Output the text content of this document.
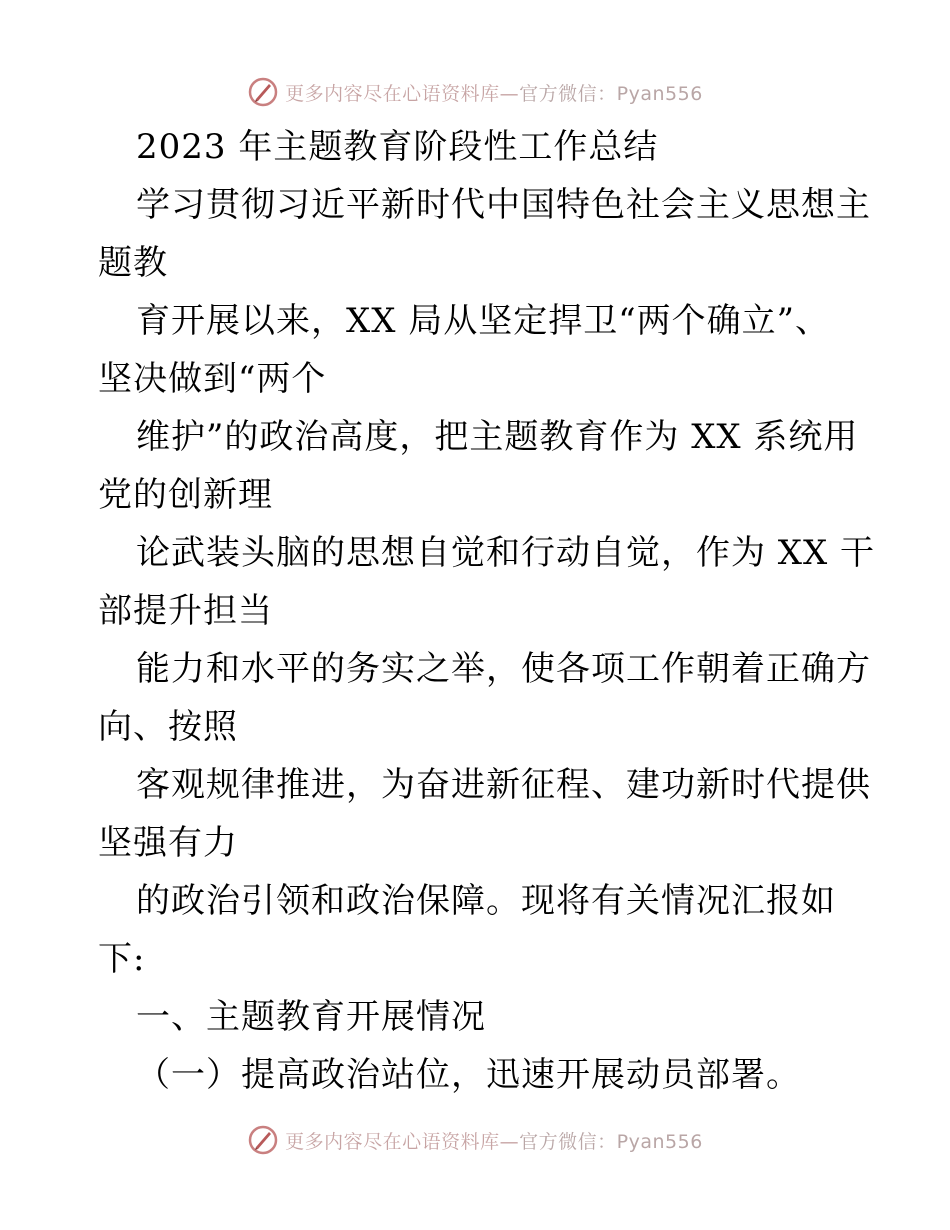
更多内容尽在心语资料库— 官方微信：Pyan556
2023 年主题教育阶段性工作总结
学习贯彻习近平新时代中国特色社会主义思想主
题教
育开展以来，XX 局从坚定捍卫“两个确立”、
坚决做到“两个
维护”的政治高度，把主题教育作为 XX 系统用
党的创新理
论武装头脑的思想自觉和行动自觉，作为 XX 干
部提升担当
能力和水平的务实之举，使各项工作朝着正确方
向、按照
客观规律推进，为奋进新征程、建功新时代提供
坚强有力
的政治引领和政治保障。现将有关情况汇报如
下:
一、主题教育开展情况
（一）提高政治站位，迅速开展动员部署。
更多内容尽在心语资料库— 官方微信：Pyan556
